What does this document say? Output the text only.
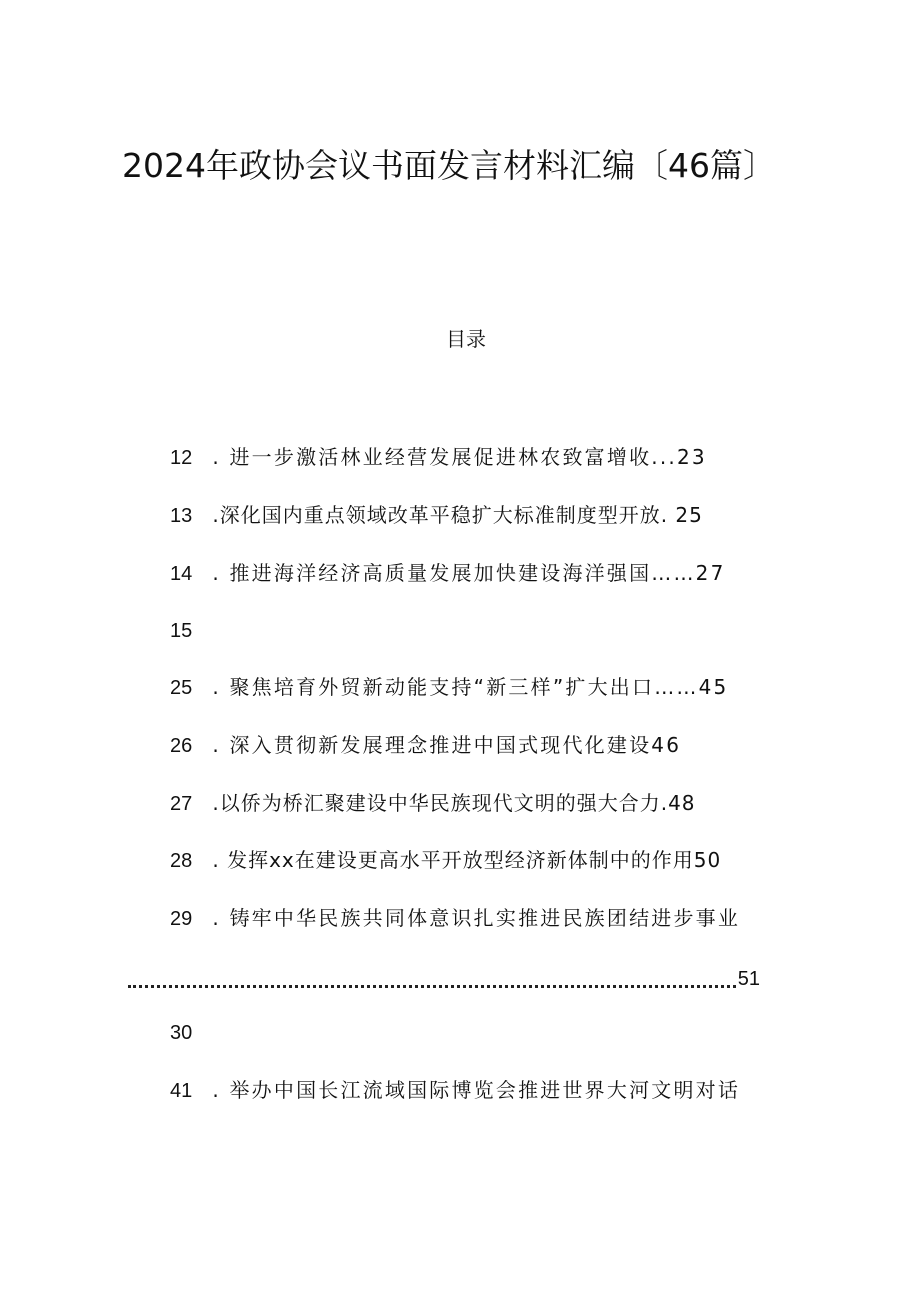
2024年政协会议书面发言材料汇编〔46篇〕
目录
12 . 进一步激活林业经营发展促进林农致富增收...23
13 .深化国内重点领域改革平稳扩大标准制度型开放. 25
14 . 推进海洋经济高质量发展加快建设海洋强国……27
15
25 . 聚焦培育外贸新动能支持“新三样”扩大出口……45
26 . 深入贯彻新发展理念推进中国式现代化建设46
27 .以侨为桥汇聚建设中华民族现代文明的强大合力.48
28 . 发挥xx在建设更高水平开放型经济新体制中的作用50
29 . 铸牢中华民族共同体意识扎实推进民族团结进步事业
51
30
41 . 举办中国长江流域国际博览会推进世界大河文明对话
